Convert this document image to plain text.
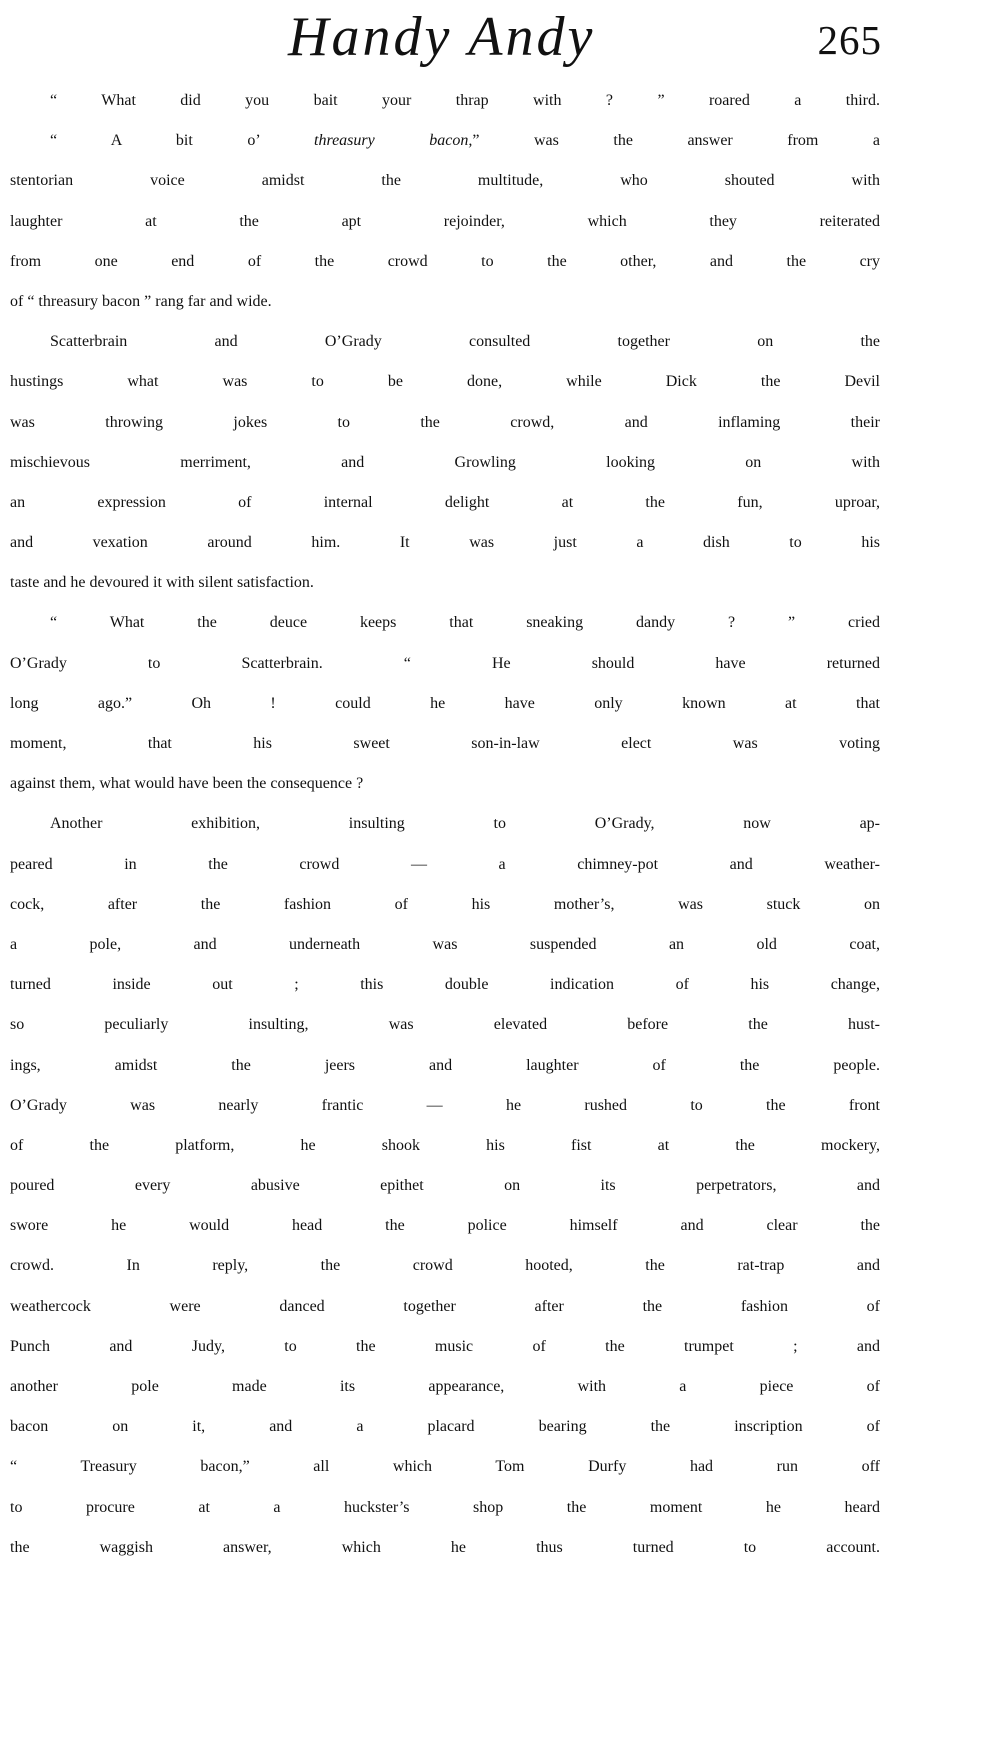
Handy Andy	265
“ What did you bait your thrap with ? ” roared a third.
“ A bit o’ threasury bacon,” was the answer from a
stentorian voice amidst the multitude, who shouted with
laughter at the apt rejoinder, which they reiterated
from one end of the crowd to the other, and the cry
of “ threasury bacon ” rang far and wide.
Scatterbrain and O’Grady consulted together on the
hustings what was to be done, while Dick the Devil
was throwing jokes to the crowd, and inflaming their
mischievous merriment, and Growling looking on with
an expression of internal delight at the fun, uproar,
and vexation around him. It was just a dish to his
taste and he devoured it with silent satisfaction.
“ What the deuce keeps that sneaking dandy ? ” cried
O’Grady to Scatterbrain. “ He should have returned
long ago.” Oh ! could he have only known at that
moment, that his sweet son-in-law elect was voting
against them, what would have been the consequence ?
Another exhibition, insulting to O’Grady, now ap-
peared in the crowd — a chimney-pot and weather-
cock, after the fashion of his mother’s, was stuck on
a pole, and underneath was suspended an old coat,
turned inside out ; this double indication of his change,
so peculiarly insulting, was elevated before the hust-
ings, amidst the jeers and laughter of the people.
O’Grady was nearly frantic — he rushed to the front
of the platform, he shook his fist at the mockery,
poured every abusive epithet on its perpetrators, and
swore he would head the police himself and clear the
crowd. In reply, the crowd hooted, the rat-trap and
weathercock were danced together after the fashion of
Punch and Judy, to the music of the trumpet ; and
another pole made its appearance, with a piece of
bacon on it, and a placard bearing the inscription of
“ Treasury bacon,” all which Tom Durfy had run off
to procure at a huckster’s shop the moment he heard
the waggish answer, which he thus turned to account.
